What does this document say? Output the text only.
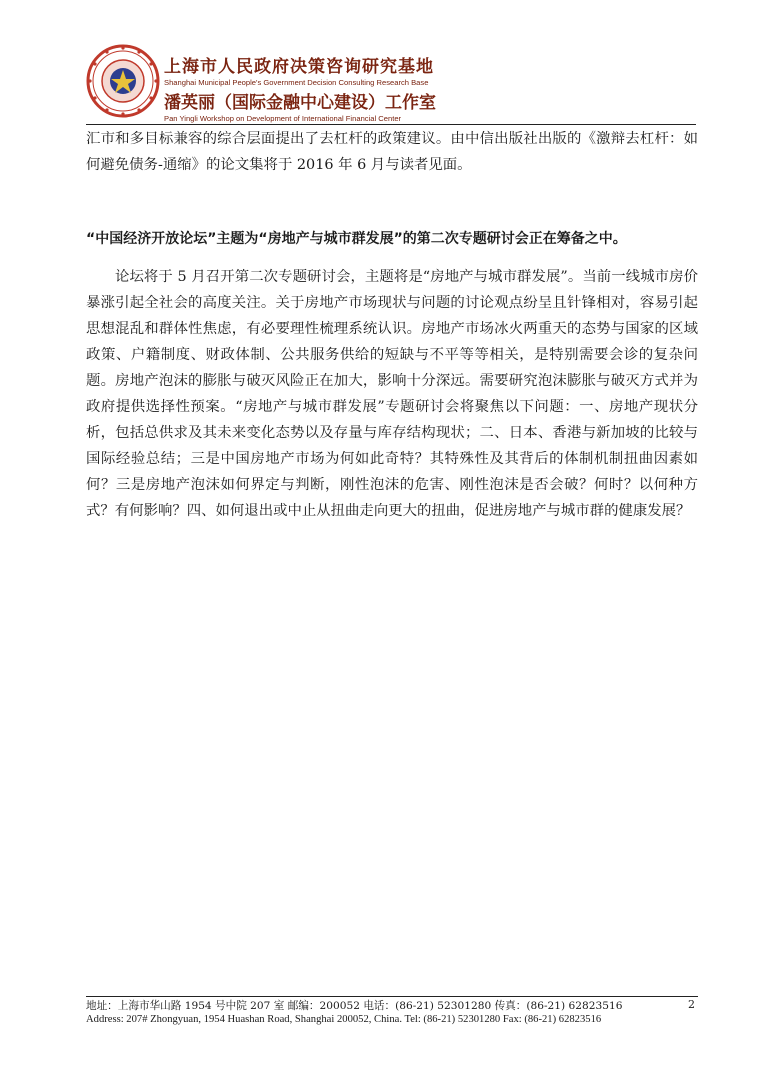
上海市人民政府决策咨询研究基地
Shanghai Municipal People's Government Decision Consulting Research Base
潘英丽（国际金融中心建设）工作室
Pan Yingli Workshop on Development of International Financial Center
汇市和多目标兼容的综合层面提出了去杠杆的政策建议。由中信出版社出版的《激辩去杠杆：如何避免债务-通缩》的论文集将于 2016 年 6 月与读者见面。
“中国经济开放论坛”主题为“房地产与城市群发展”的第二次专题研讨会正在筹备之中。
论坛将于 5 月召开第二次专题研讨会，主题将是“房地产与城市群发展”。当前一线城市房价暴涨引起全社会的高度关注。关于房地产市场现状与问题的讨论观点纷呈且针锋相对，容易引起思想混乱和群体性焦虑，有必要理性梳理系统认识。房地产市场冰火两重天的态势与国家的区域政策、户籍制度、财政体制、公共服务供给的短缺与不平等等相关，是特别需要会诊的复杂问题。房地产泡沫的膨胀与破灭风险正在加大，影响十分深远。需要研究泡沫膨胀与破灭方式并为政府提供选择性预案。“房地产与城市群发展”专题研讨会将聚焦以下问题：一、房地产现状分析，包括总供求及其未来变化态势以及存量与库存结构现状；二、日本、香港与新加坡的比较与国际经验总结；三是中国房地产市场为何如此奇特？其特殊性及其背后的体制机制扭曲因素如何？三是房地产泡沫如何界定与判断，刚性泡沫的危害、刚性泡沫是否会破？何时？以何种方式？有何影响？四、如何退出或中止从扭曲走向更大的扭曲，促进房地产与城市群的健康发展？
地址：上海市华山路 1954 号中院 207 室 邮编：200052 电话：(86-21) 52301280 传真：(86-21) 62823516	2
Address: 207# Zhongyuan, 1954 Huashan Road, Shanghai 200052, China. Tel: (86-21) 52301280 Fax: (86-21) 62823516
